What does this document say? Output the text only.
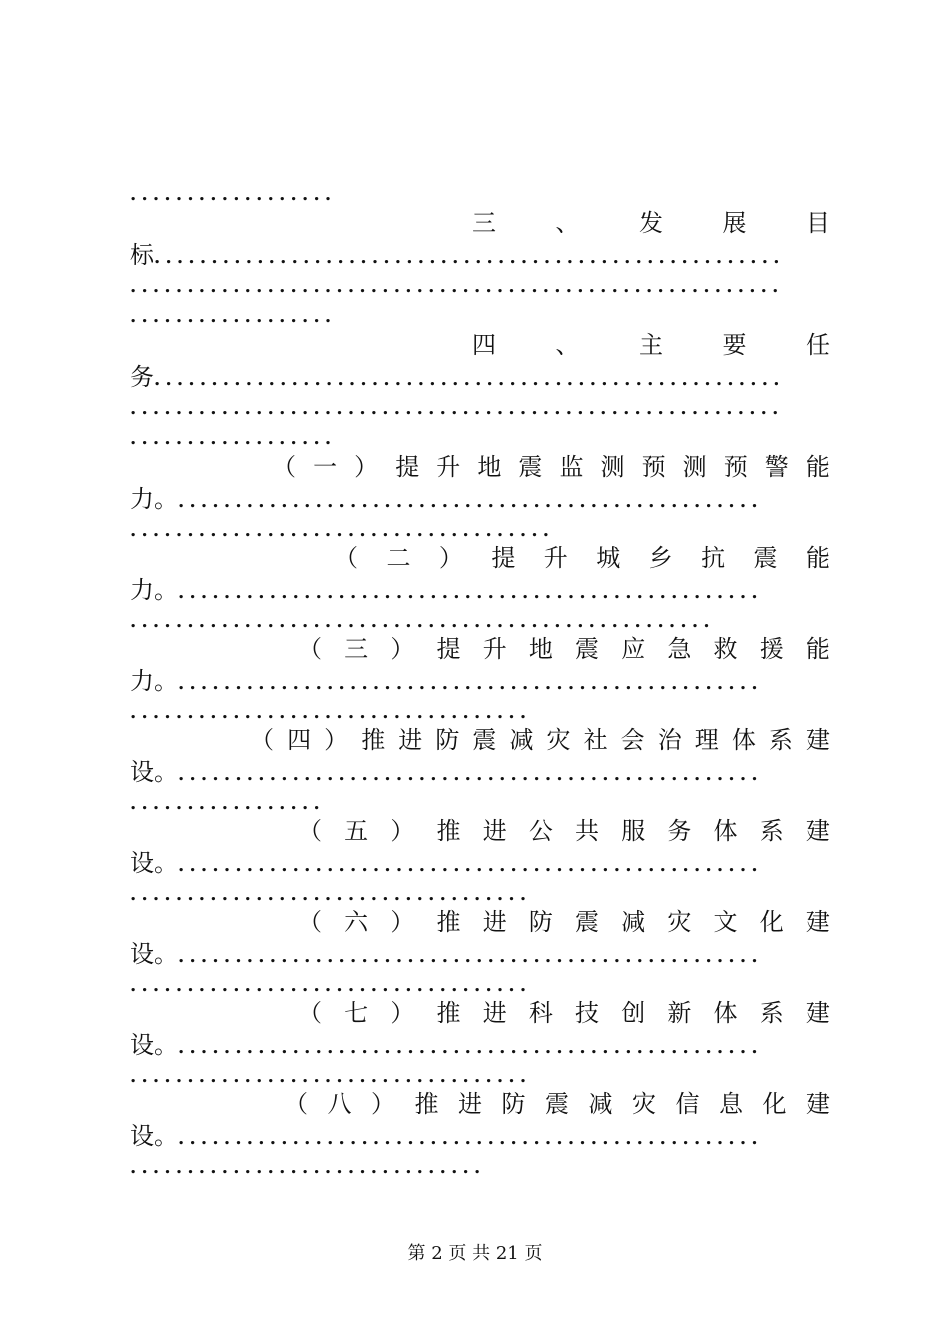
..................
三 、 发 展 目
标.......................................................
.........................................................
..................
四 、 主 要 任
务.......................................................
.........................................................
..................
（ 一 ） 提 升 地 震 监 测 预 测 预 警 能
力。...................................................
.....................................
（ 二 ） 提 升 城 乡 抗 震 能
力。...................................................
...................................................
（ 三 ） 提 升 地 震 应 急 救 援 能
力。...................................................
...................................
（ 四 ） 推 进 防 震 减 灾 社 会 治 理 体 系 建
设。...................................................
.................
（ 五 ） 推 进 公 共 服 务 体 系 建
设。...................................................
...................................
（ 六 ） 推 进 防 震 减 灾 文 化 建
设。...................................................
...................................
（ 七 ） 推 进 科 技 创 新 体 系 建
设。...................................................
...................................
（ 八 ） 推 进 防 震 减 灾 信 息 化 建
设。...................................................
...............................
第 2 页 共 21 页
